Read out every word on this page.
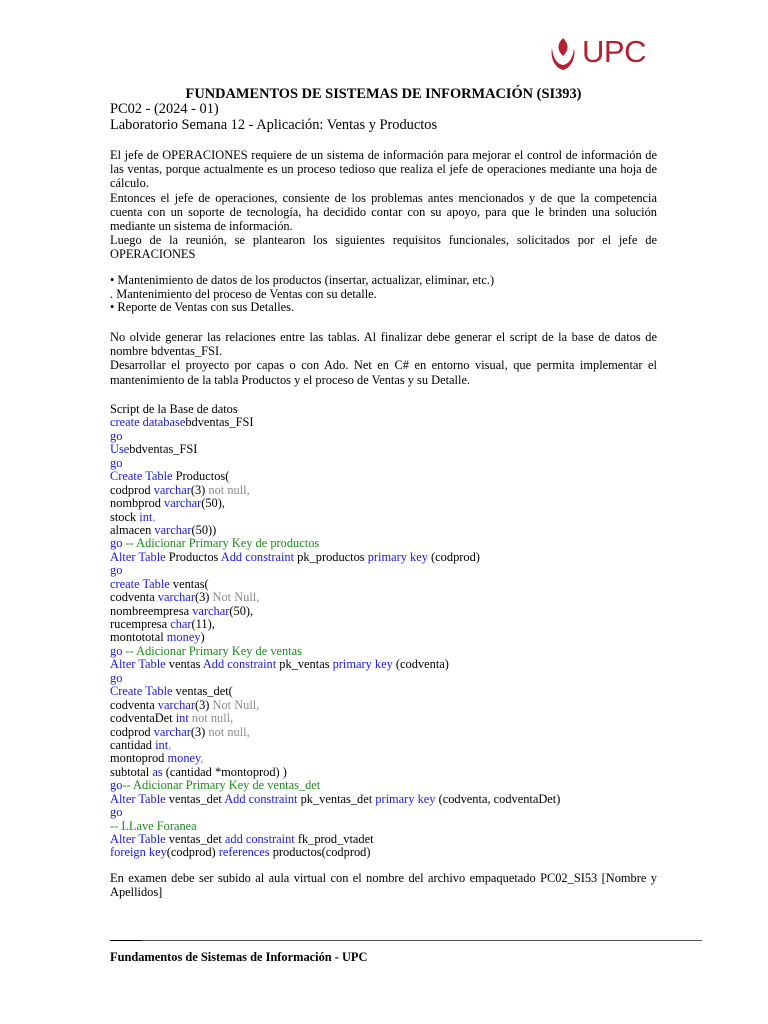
UPC
FUNDAMENTOS DE SISTEMAS DE INFORMACIÓN (SI393)
PC02 - (2024 - 01)
Laboratorio Semana 12 - Aplicación: Ventas y Productos
El jefe de OPERACIONES requiere de un sistema de información para mejorar el control de información de las ventas, porque actualmente es un proceso tedioso que realiza el jefe de operaciones mediante una hoja de cálculo.
Entonces el jefe de operaciones, consiente de los problemas antes mencionados y de que la competencia cuenta con un soporte de tecnología, ha decidido contar con su apoyo, para que le brinden una solución mediante un sistema de información.
Luego de la reunión, se plantearon los siguientes requisitos funcionales, solicitados por el jefe de OPERACIONES
• Mantenimiento de datos de los productos (insertar, actualizar, eliminar, etc.)
. Mantenimiento del proceso de Ventas con su detalle.
• Reporte de Ventas con sus Detalles.
No olvide generar las relaciones entre las tablas. Al finalizar debe generar el script de la base de datos de nombre bdventas_FSI.
Desarrollar el proyecto por capas o con Ado. Net en C# en entorno visual, que permita implementar el mantenimiento de la tabla Productos y el proceso de Ventas y su Detalle.
Script de la Base de datos
create databasebdventas_FSI
go
Usebdventas_FSI
go
Create Table Productos(
codprod varchar(3) not null,
nombprod varchar(50),
stock int,
almacen varchar(50))
go -- Adicionar Primary Key de productos
Alter Table Productos Add constraint pk_productos primary key (codprod)
go
create Table ventas(
codventa varchar(3) Not Null,
nombreempresa varchar(50),
rucempresa char(11),
montototal money)
go -- Adicionar Primary Key de ventas
Alter Table ventas Add constraint pk_ventas primary key (codventa)
go
Create Table ventas_det(
codventa varchar(3) Not Null,
codventaDet int not null,
codprod varchar(3) not null,
cantidad int,
montoprod money,
subtotal as (cantidad *montoprod) )
go-- Adicionar Primary Key de ventas_det
Alter Table ventas_det Add constraint pk_ventas_det primary key (codventa, codventaDet)
go
-- LLave Foranea
Alter Table ventas_det add constraint fk_prod_vtadet
foreign key(codprod) references productos(codprod)
En examen debe ser subido al aula virtual con el nombre del archivo empaquetado PC02_SI53 [Nombre y Apellidos]
Fundamentos de Sistemas de Información - UPC
